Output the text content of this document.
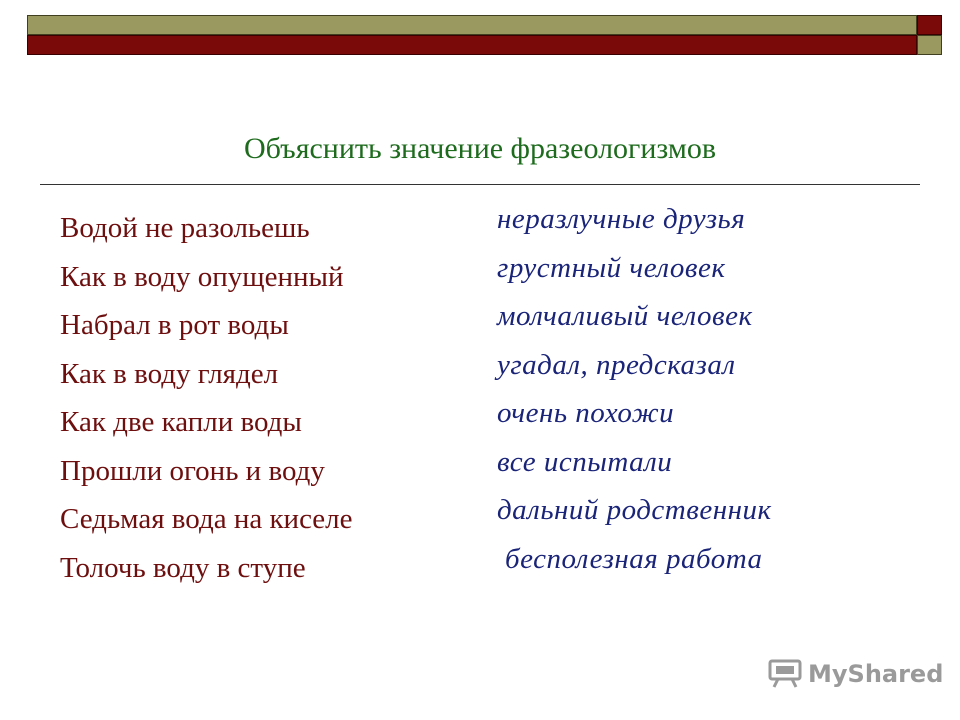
Объяснить значение фразеологизмов
Водой не разольешь
Как в воду опущенный
Набрал в рот воды
Как в воду глядел
Как две капли воды
Прошли огонь и воду
Седьмая вода на киселе
Толочь воду в ступе
неразлучные друзья
грустный человек
молчаливый человек
угадал, предсказал
очень похожи
все испытали
дальний родственник
бесполезная работа
MyShared
